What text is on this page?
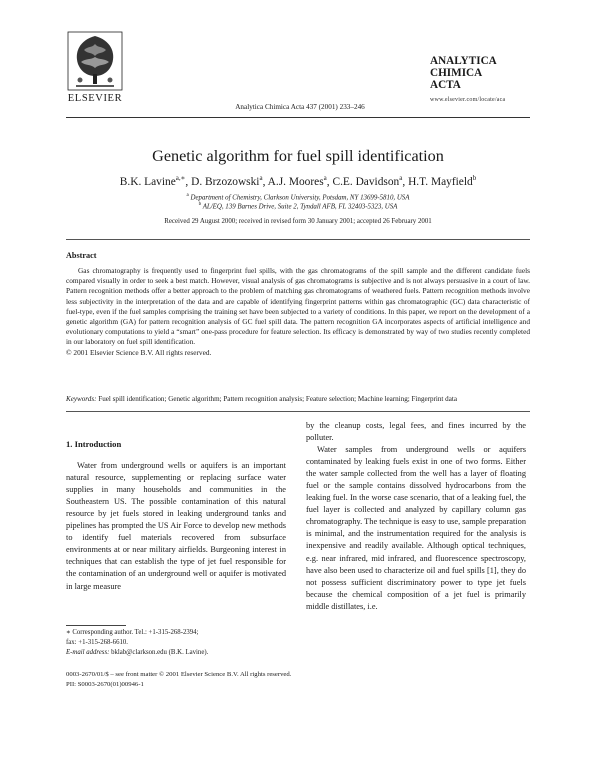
ELSEVIER
Analytica Chimica Acta 437 (2001) 233–246
ANALYTICA
CHIMICA
ACTA
www.elsevier.com/locate/aca
Genetic algorithm for fuel spill identification
B.K. Lavine$^{a,∗}$, D. Brzozowski$^a$, A.J. Moores$^a$, C.E. Davidson$^a$, H.T. Mayfield$^b$
$^a$ Department of Chemistry, Clarkson University, Potsdam, NY 13699-5810, USA
$^b$ AL/EQ, 139 Barnes Drive, Suite 2, Tyndall AFB, FL 32403-5323, USA
Received 29 August 2000; received in revised form 30 January 2001; accepted 26 February 2001
Abstract
Gas chromatography is frequently used to fingerprint fuel spills, with the gas chromatograms of the spill sample and the different candidate fuels compared visually in order to seek a best match. However, visual analysis of gas chromatograms is subjective and is not always persuasive in a court of law. Pattern recognition methods offer a better approach to the problem of matching gas chromatograms of weathered fuels. Pattern recognition methods involve less subjectivity in the interpretation of the data and are capable of identifying fingerprint patterns within gas chromatographic (GC) data characteristic of fuel-type, even if the fuel samples comprising the training set have been subjected to a variety of conditions. In this paper, we report on the development of a genetic algorithm (GA) for pattern recognition analysis of GC fuel spill data. The pattern recognition GA incorporates aspects of artificial intelligence and evolutionary computations to yield a “smart” one-pass procedure for feature selection. Its efficacy is demonstrated by way of two studies recently completed in our laboratory on fuel spill identification.
© 2001 Elsevier Science B.V. All rights reserved.
Keywords: Fuel spill identification; Genetic algorithm; Pattern recognition analysis; Feature selection; Machine learning; Fingerprint data
1. Introduction

Water from underground wells or aquifers is an important natural resource, supplementing or replacing surface water supplies in many households and communities in the Southeastern US. The possible contamination of this natural resource by jet fuels stored in leaking underground tanks and pipelines has prompted the US Air Force to develop new methods to identify fuel materials recovered from subsurface environments at or near military airfields. Burgeoning interest in techniques that can establish the type of jet fuel responsible for the contamination of an underground well or aquifer is motivated in large measure

by the cleanup costs, legal fees, and fines incurred by the polluter.

Water samples from underground wells or aquifers contaminated by leaking fuels exist in one of two forms. Either the water sample collected from the well has a layer of floating fuel or the sample contains dissolved hydrocarbons from the leaking fuel. In the worse case scenario, that of a leaking fuel, the fuel layer is collected and analyzed by capillary column gas chromatography. The technique is easy to use, sample preparation is minimal, and the instrumentation required for the analysis is inexpensive and readily available. Although optical techniques, e.g. near infrared, mid infrared, and fluorescence spectroscopy, have also been used to characterize oil and fuel spills [1], they do not possess sufficient discriminatory power to type jet fuels because the chemical composition of a jet fuel is primarily middle distillates, i.e.

∗ Corresponding author. Tel.: +1-315-268-2394;
fax: +1-315-268-6610.
E-mail address: bklab@clarkson.edu (B.K. Lavine).
0003-2670/01/$ – see front matter © 2001 Elsevier Science B.V. All rights reserved.
PII: S0003-2670(01)00946-1
